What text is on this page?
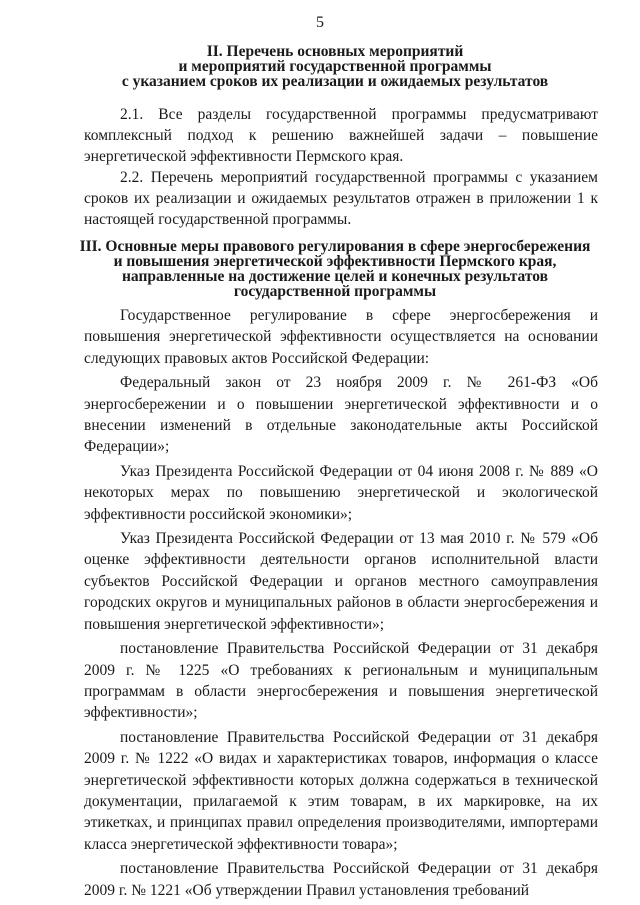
5
II. Перечень основных мероприятий
и мероприятий государственной программы
с указанием сроков их реализации и ожидаемых результатов

2.1. Все разделы государственной программы предусматривают комплексный подход к решению важнейшей задачи – повышение энергетической эффективности Пермского края.

2.2. Перечень мероприятий государственной программы с указанием сроков их реализации и ожидаемых результатов отражен в приложении 1 к настоящей государственной программы.

III. Основные меры правового регулирования в сфере энергосбережения
и повышения энергетической эффективности Пермского края,
направленные на достижение целей и конечных результатов
государственной программы

Государственное регулирование в сфере энергосбережения и повышения энергетической эффективности осуществляется на основании следующих правовых актов Российской Федерации:

Федеральный закон от 23 ноября 2009 г. № 261-ФЗ «Об энергосбережении и о повышении энергетической эффективности и о внесении изменений в отдельные законодательные акты Российской Федерации»;

Указ Президента Российской Федерации от 04 июня 2008 г. № 889 «О некоторых мерах по повышению энергетической и экологической эффективности российской экономики»;

Указ Президента Российской Федерации от 13 мая 2010 г. № 579 «Об оценке эффективности деятельности органов исполнительной власти субъектов Российской Федерации и органов местного самоуправления городских округов и муниципальных районов в области энергосбережения и повышения энергетической эффективности»;

постановление Правительства Российской Федерации от 31 декабря 2009 г. № 1225 «О требованиях к региональным и муниципальным программам в области энергосбережения и повышения энергетической эффективности»;

постановление Правительства Российской Федерации от 31 декабря 2009 г. № 1222 «О видах и характеристиках товаров, информация о классе энергетической эффективности которых должна содержаться в технической документации, прилагаемой к этим товарам, в их маркировке, на их этикетках, и принципах правил определения производителями, импортерами класса энергетической эффективности товара»;

постановление Правительства Российской Федерации от 31 декабря 2009 г. № 1221 «Об утверждении Правил установления требований
